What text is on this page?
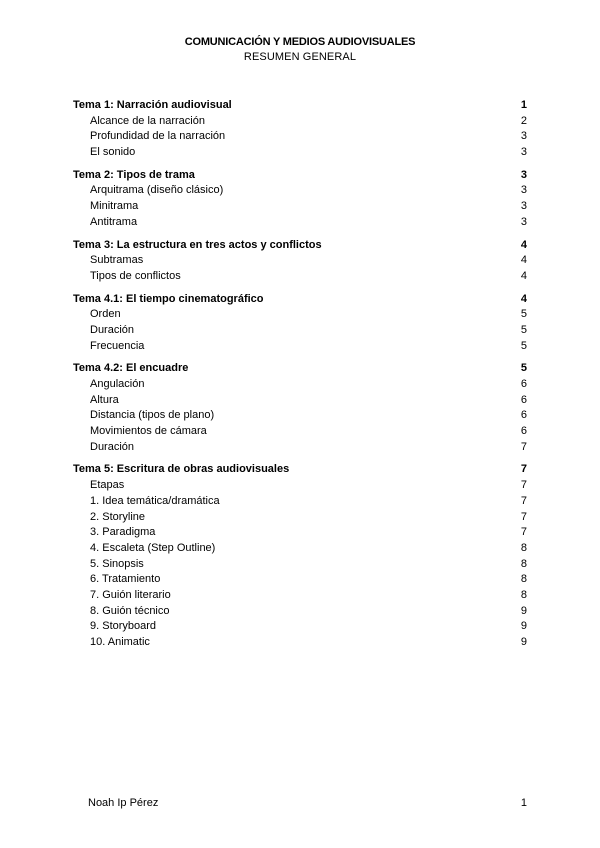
COMUNICACIÓN Y MEDIOS AUDIOVISUALES
RESUMEN GENERAL
Tema 1: Narración audiovisual	1
Alcance de la narración	2
Profundidad de la narración	3
El sonido	3
Tema 2: Tipos de trama	3
Arquitrama (diseño clásico)	3
Minitrama	3
Antitrama	3
Tema 3: La estructura en tres actos y conflictos	4
Subtramas	4
Tipos de conflictos	4
Tema 4.1: El tiempo cinematográfico	4
Orden	5
Duración	5
Frecuencia	5
Tema 4.2: El encuadre	5
Angulación	6
Altura	6
Distancia (tipos de plano)	6
Movimientos de cámara	6
Duración	7
Tema 5: Escritura de obras audiovisuales	7
Etapas	7
1. Idea temática/dramática	7
2. Storyline	7
3. Paradigma	7
4. Escaleta (Step Outline)	8
5. Sinopsis	8
6. Tratamiento	8
7. Guión literario	8
8. Guión técnico	9
9. Storyboard	9
10. Animatic	9
Noah Ip Pérez	1
